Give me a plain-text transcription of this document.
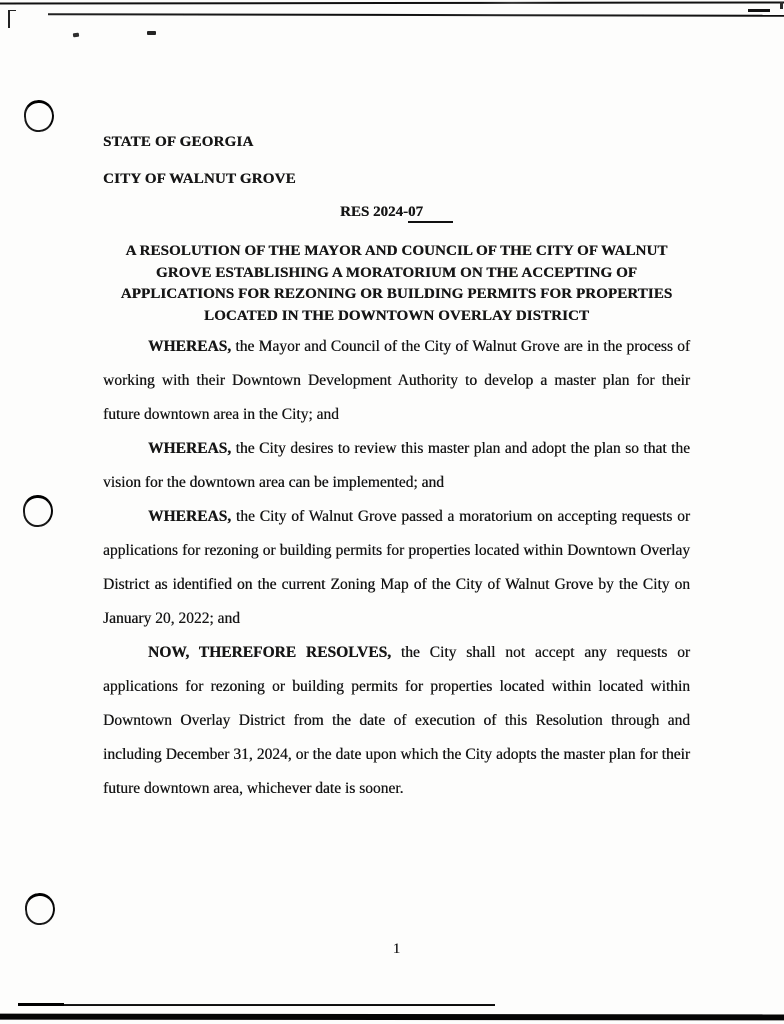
STATE OF GEORGIA
CITY OF WALNUT GROVE
RES 2024-07
A RESOLUTION OF THE MAYOR AND COUNCIL OF THE CITY OF WALNUT
GROVE ESTABLISHING A MORATORIUM ON THE ACCEPTING OF
APPLICATIONS FOR REZONING OR BUILDING PERMITS FOR PROPERTIES
LOCATED IN THE DOWNTOWN OVERLAY DISTRICT

WHEREAS, the Mayor and Council of the City of Walnut Grove are in the process of working with their Downtown Development Authority to develop a master plan for their future downtown area in the City; and

WHEREAS, the City desires to review this master plan and adopt the plan so that the vision for the downtown area can be implemented; and

WHEREAS, the City of Walnut Grove passed a moratorium on accepting requests or applications for rezoning or building permits for properties located within Downtown Overlay District as identified on the current Zoning Map of the City of Walnut Grove by the City on January 20, 2022; and

NOW, THEREFORE RESOLVES, the City shall not accept any requests or applications for rezoning or building permits for properties located within located within Downtown Overlay District from the date of execution of this Resolution through and including December 31, 2024, or the date upon which the City adopts the master plan for their future downtown area, whichever date is sooner.

1
